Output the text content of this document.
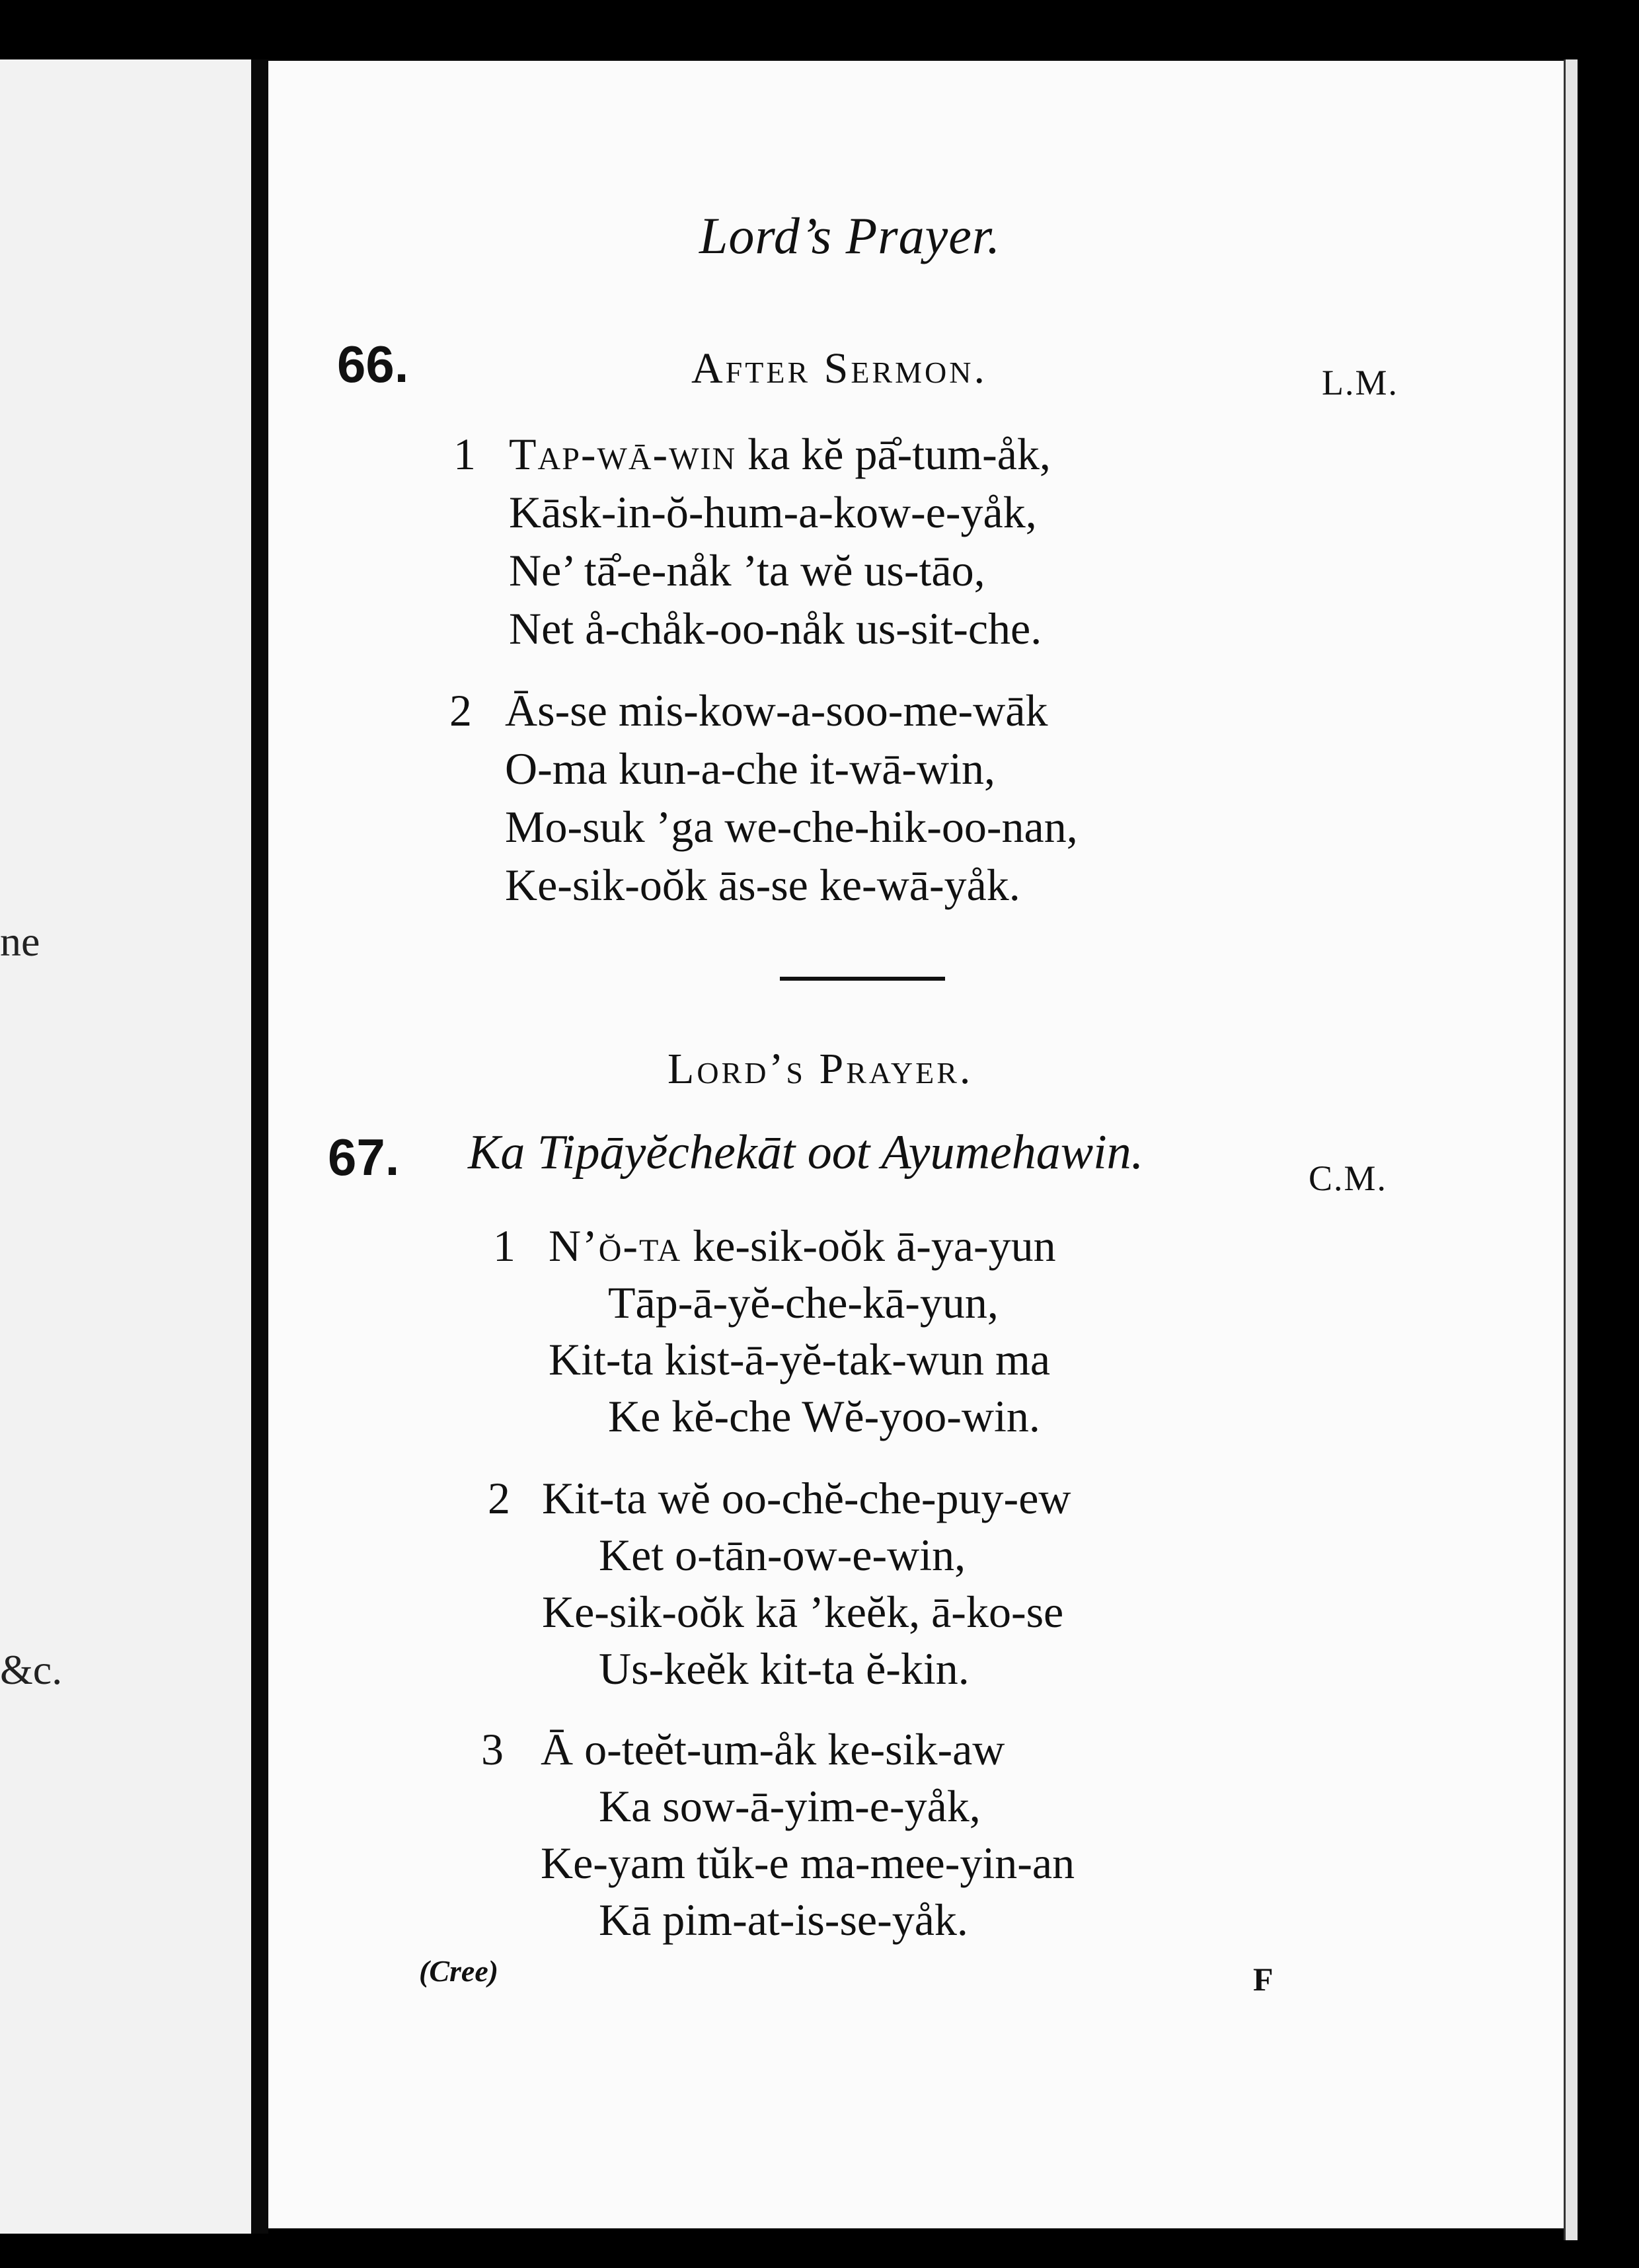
ne
&c.
Lord’s Prayer.
66.	After Sermon.	L.M.
1 Tap-wā-win ka kĕ pā̊-tum-åk,
Kāsk-in-ŏ-hum-a-kow-e-yåk,
Ne’ tā̊-e-nåk ’ta wĕ us-tāo,
Net å-chåk-oo-nåk us-sit-che.
2 Ās-se mis-kow-a-soo-me-wāk
O-ma kun-a-che it-wā-win,
Mo-suk ’ga we-che-hik-oo-nan,
Ke-sik-oŏk ās-se ke-wā-yåk.
Lord’s Prayer.
67. Ka Tipāyĕchekāt oot Ayumehawin.	C.M.
1 N’ŏ-ta ke-sik-oŏk ā-ya-yun
Tāp-ā-yĕ-che-kā-yun,
Kit-ta kist-ā-yĕ-tak-wun ma
Ke kĕ-che Wĕ-yoo-win.
2 Kit-ta wĕ oo-chĕ-che-puy-ew
Ket o-tān-ow-e-win,
Ke-sik-oŏk kā ’keĕk, ā-ko-se
Us-keĕk kit-ta ĕ-kin.
3 Ā o-teĕt-um-åk ke-sik-aw
Ka sow-ā-yim-e-yåk,
Ke-yam tŭk-e ma-mee-yin-an
Kā pim-at-is-se-yåk.
(Cree)	F
